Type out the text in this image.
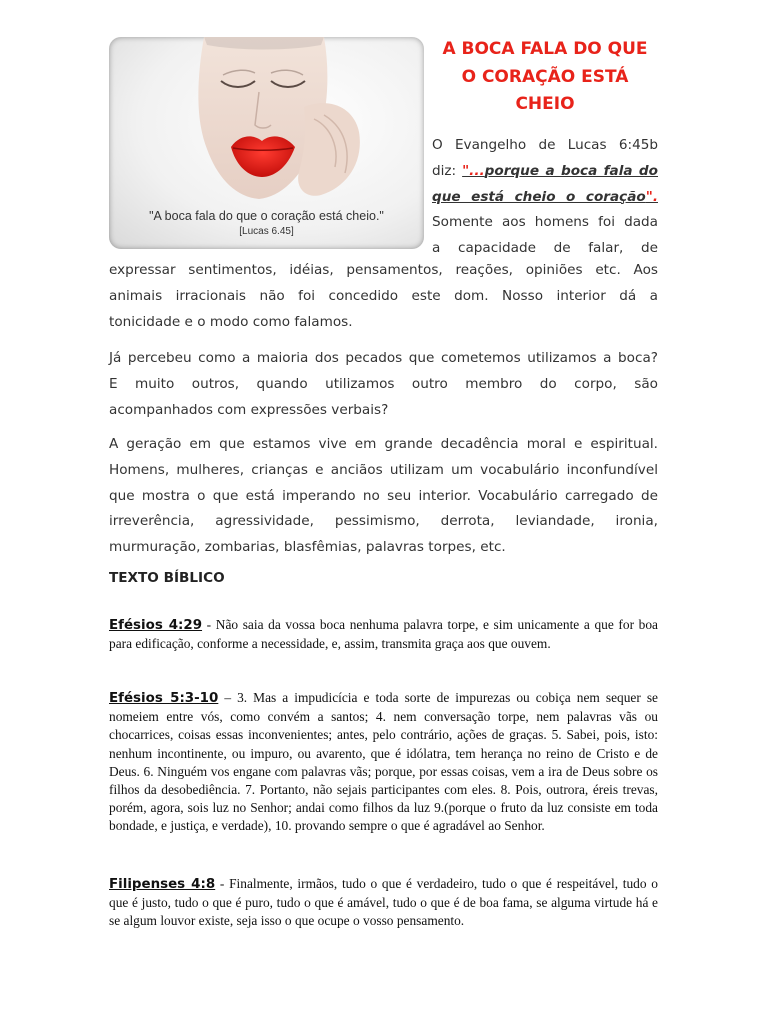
"A boca fala do que o coração está cheio."
[Lucas 6.45]
A BOCA FALA DO QUE
O CORAÇÃO ESTÁ
CHEIO
O Evangelho de Lucas 6:45b
diz: "...porque a boca fala do
que está cheio o coração".
Somente aos homens foi dada
a capacidade de falar, de
expressar sentimentos, idéias, pensamentos, reações, opiniões etc. Aos
animais irracionais não foi concedido este dom. Nosso interior dá a
tonicidade e o modo como falamos.
Já percebeu como a maioria dos pecados que cometemos utilizamos a boca?
E muito outros, quando utilizamos outro membro do corpo, são
acompanhados com expressões verbais?
A geração em que estamos vive em grande decadência moral e espiritual.
Homens, mulheres, crianças e anciãos utilizam um vocabulário inconfundível
que mostra o que está imperando no seu interior. Vocabulário carregado de
irreverência, agressividade, pessimismo, derrota, leviandade, ironia,
murmuração, zombarias, blasfêmias, palavras torpes, etc.
TEXTO BÍBLICO
Efésios 4:29 - Não saia da vossa boca nenhuma palavra torpe, e sim unicamente a que for boa para edificação, conforme a necessidade, e, assim, transmita graça aos que ouvem.
Efésios 5:3-10 – 3. Mas a impudicícia e toda sorte de impurezas ou cobiça nem sequer se nomeiem entre vós, como convém a santos; 4. nem conversação torpe, nem palavras vãs ou chocarrices, coisas essas inconvenientes; antes, pelo contrário, ações de graças. 5. Sabei, pois, isto: nenhum incontinente, ou impuro, ou avarento, que é idólatra, tem herança no reino de Cristo e de Deus. 6. Ninguém vos engane com palavras vãs; porque, por essas coisas, vem a ira de Deus sobre os filhos da desobediência. 7. Portanto, não sejais participantes com eles. 8. Pois, outrora, éreis trevas, porém, agora, sois luz no Senhor; andai como filhos da luz 9.(porque o fruto da luz consiste em toda bondade, e justiça, e verdade), 10. provando sempre o que é agradável ao Senhor.
Filipenses 4:8 - Finalmente, irmãos, tudo o que é verdadeiro, tudo o que é respeitável, tudo o que é justo, tudo o que é puro, tudo o que é amável, tudo o que é de boa fama, se alguma virtude há e se algum louvor existe, seja isso o que ocupe o vosso pensamento.
